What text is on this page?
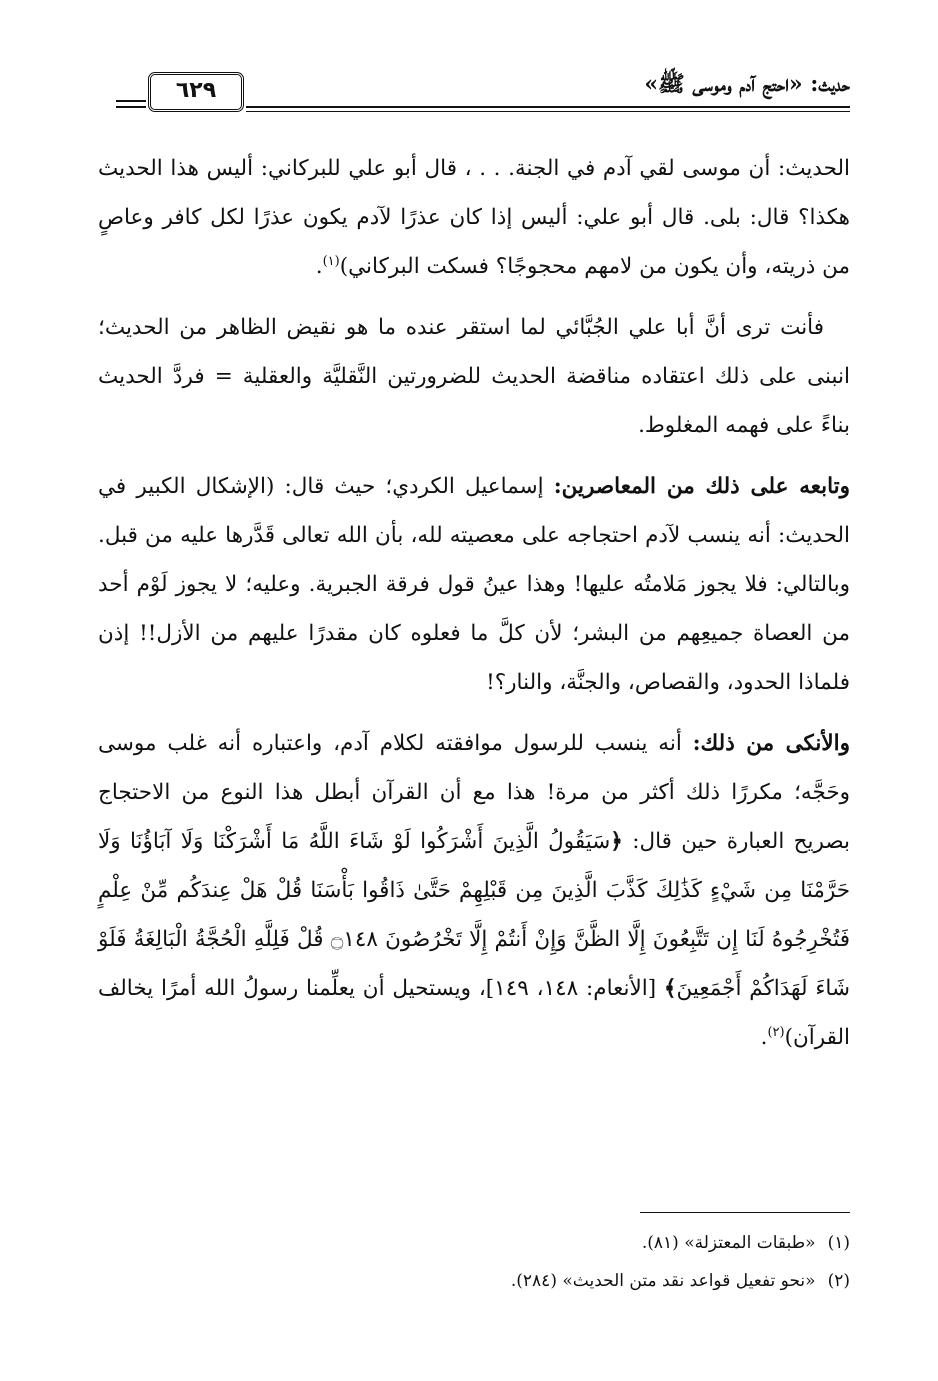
حديث: «احتج آدم وموسى ﷺ»
٦٢٩

الحديث: أن موسى لقي آدم في الجنة. . . ، قال أبو علي للبركاني: أليس هذا الحديث هكذا؟ قال: بلى. قال أبو علي: أليس إذا كان عذرًا لآدم يكون عذرًا لكل كافر وعاصٍ من ذريته، وأن يكون من لامهم محجوجًا؟ فسكت البركاني)$^{(١)}$.

فأنت ترى أنَّ أبا علي الجُبَّائي لما استقر عنده ما هو نقيض الظاهر من الحديث؛ انبنى على ذلك اعتقاده مناقضة الحديث للضرورتين النَّقليَّة والعقلية = فردَّ الحديث بناءً على فهمه المغلوط.

وتابعه على ذلك من المعاصرين: إسماعيل الكردي؛ حيث قال: (الإشكال الكبير في الحديث: أنه ينسب لآدم احتجاجه على معصيته لله، بأن الله تعالى قَدَّرها عليه من قبل. وبالتالي: فلا يجوز مَلامتُه عليها! وهذا عينُ قول فرقة الجبرية. وعليه؛ لا يجوز لَوْم أحد من العصاة جميعِهم من البشر؛ لأن كلَّ ما فعلوه كان مقدرًا عليهم من الأزل!! إذن فلماذا الحدود، والقصاص، والجنَّة، والنار؟!

والأنكى من ذلك: أنه ينسب للرسول موافقته لكلام آدم، واعتباره أنه غلب موسى وحَجَّه؛ مكررًا ذلك أكثر من مرة! هذا مع أن القرآن أبطل هذا النوع من الاحتجاج بصريح العبارة حين قال: ﴿سَيَقُولُ الَّذِينَ أَشْرَكُوا لَوْ شَاءَ اللَّهُ مَا أَشْرَكْنَا وَلَا آبَاؤُنَا وَلَا حَرَّمْنَا مِن شَيْءٍ كَذَٰلِكَ كَذَّبَ الَّذِينَ مِن قَبْلِهِمْ حَتَّىٰ ذَاقُوا بَأْسَنَا قُلْ هَلْ عِندَكُم مِّنْ عِلْمٍ فَتُخْرِجُوهُ لَنَا إِن تَتَّبِعُونَ إِلَّا الظَّنَّ وَإِنْ أَنتُمْ إِلَّا تَخْرُصُونَ ۝١٤٨ قُلْ فَلِلَّهِ الْحُجَّةُ الْبَالِغَةُ فَلَوْ شَاءَ لَهَدَاكُمْ أَجْمَعِينَ﴾ [الأنعام: ١٤٨، ١٤٩]، ويستحيل أن يعلِّمنا رسولُ الله أمرًا يخالف القرآن)$^{(٢)}$.

(١)«طبقات المعتزلة» (٨١).
(٢)«نحو تفعيل قواعد نقد متن الحديث» (٢٨٤).
